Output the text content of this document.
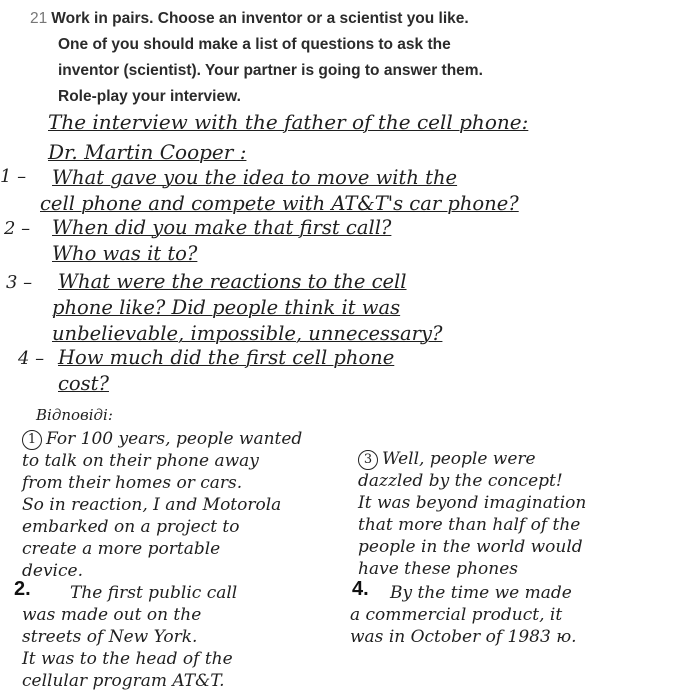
21 Work in pairs. Choose an inventor or a scientist you like.
One of you should make a list of questions to ask the
inventor (scientist). Your partner is going to answer them.
Role-play your interview.
The interview with the father of the cell phone:
Dr. Martin Cooper :
1 – What gave you the idea to move with the
cell phone and compete with AT&T's car phone?
2 – When did you make that first call?
Who was it to?
3 – What were the reactions to the cell
phone like? Did people think it was
unbelievable, impossible, unnecessary?
4 – How much did the first cell phone
cost?
Відповіді:
1 For 100 years, people wanted
to talk on their phone away
from their homes or cars.
So in reaction, I and Motorola
embarked on a project to
create a more portable
device.
3 Well, people were
dazzled by the concept!
It was beyond imagination
that more than half of the
people in the world would
have these phones
2.	The first public call
was made out on the
streets of New York.
It was to the head of the
cellular program AT&T.
4.	By the time we made
a commercial product, it
was in October of 1983 ю.
